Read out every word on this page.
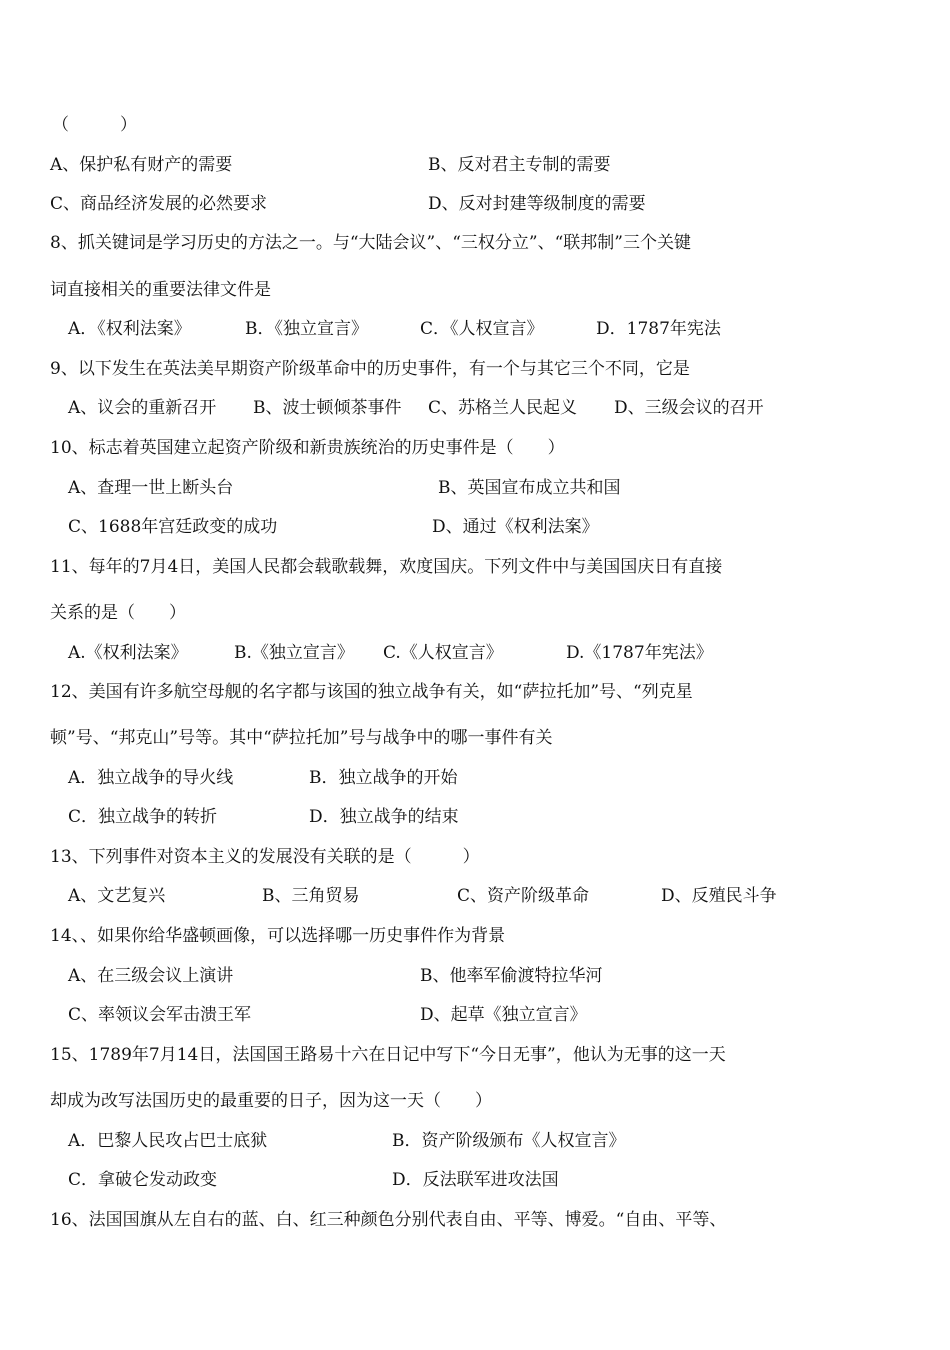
（　　　）

A、保护私有财产的需要

	B、反对君主专制的需要

C、商品经济发展的必然要求

	D、反对封建等级制度的需要

8、抓关键词是学习历史的方法之一。与“大陆会议”、“三权分立”、“联邦制”三个关键

词直接相关的重要法律文件是

A．《权利法案》

	B．《独立宣言》

	C．《人权宣言》

	D．1787年宪法

9、以下发生在英法美早期资产阶级革命中的历史事件，有一个与其它三个不同，它是

A、议会的重新召开

B、波士顿倾茶事件

C、苏格兰人民起义

D、三级会议的召开

10、标志着英国建立起资产阶级和新贵族统治的历史事件是（　　）

A、查理一世上断头台

	B、英国宣布成立共和国

C、1688年宫廷政变的成功

	D、通过《权利法案》

11、每年的7月4日，美国人民都会载歌载舞，欢度国庆。下列文件中与美国国庆日有直接

关系的是（　　）

A.《权利法案》

	B.《独立宣言》

C.《人权宣言》

	D.《1787年宪法》

12、美国有许多航空母舰的名字都与该国的独立战争有关，如“萨拉托加”号、“列克星

顿”号、“邦克山”号等。其中“萨拉托加”号与战争中的哪一事件有关

A．独立战争的导火线

	B．独立战争的开始

C．独立战争的转折

	D．独立战争的结束

13、下列事件对资本主义的发展没有关联的是（　　　）

A、文艺复兴

	B、三角贸易

	C、资产阶级革命

	D、反殖民斗争

14、、如果你给华盛顿画像，可以选择哪一历史事件作为背景

A、在三级会议上演讲

	B、他率军偷渡特拉华河

C、率领议会军击溃王军

	D、起草《独立宣言》

15、1789年7月14日，法国国王路易十六在日记中写下“今日无事”，他认为无事的这一天

却成为改写法国历史的最重要的日子，因为这一天（　　）

A．巴黎人民攻占巴士底狱

	B．资产阶级颁布《人权宣言》

C．拿破仑发动政变

	D．反法联军进攻法国

16、法国国旗从左自右的蓝、白、红三种颜色分别代表自由、平等、博爱。“自由、平等、
